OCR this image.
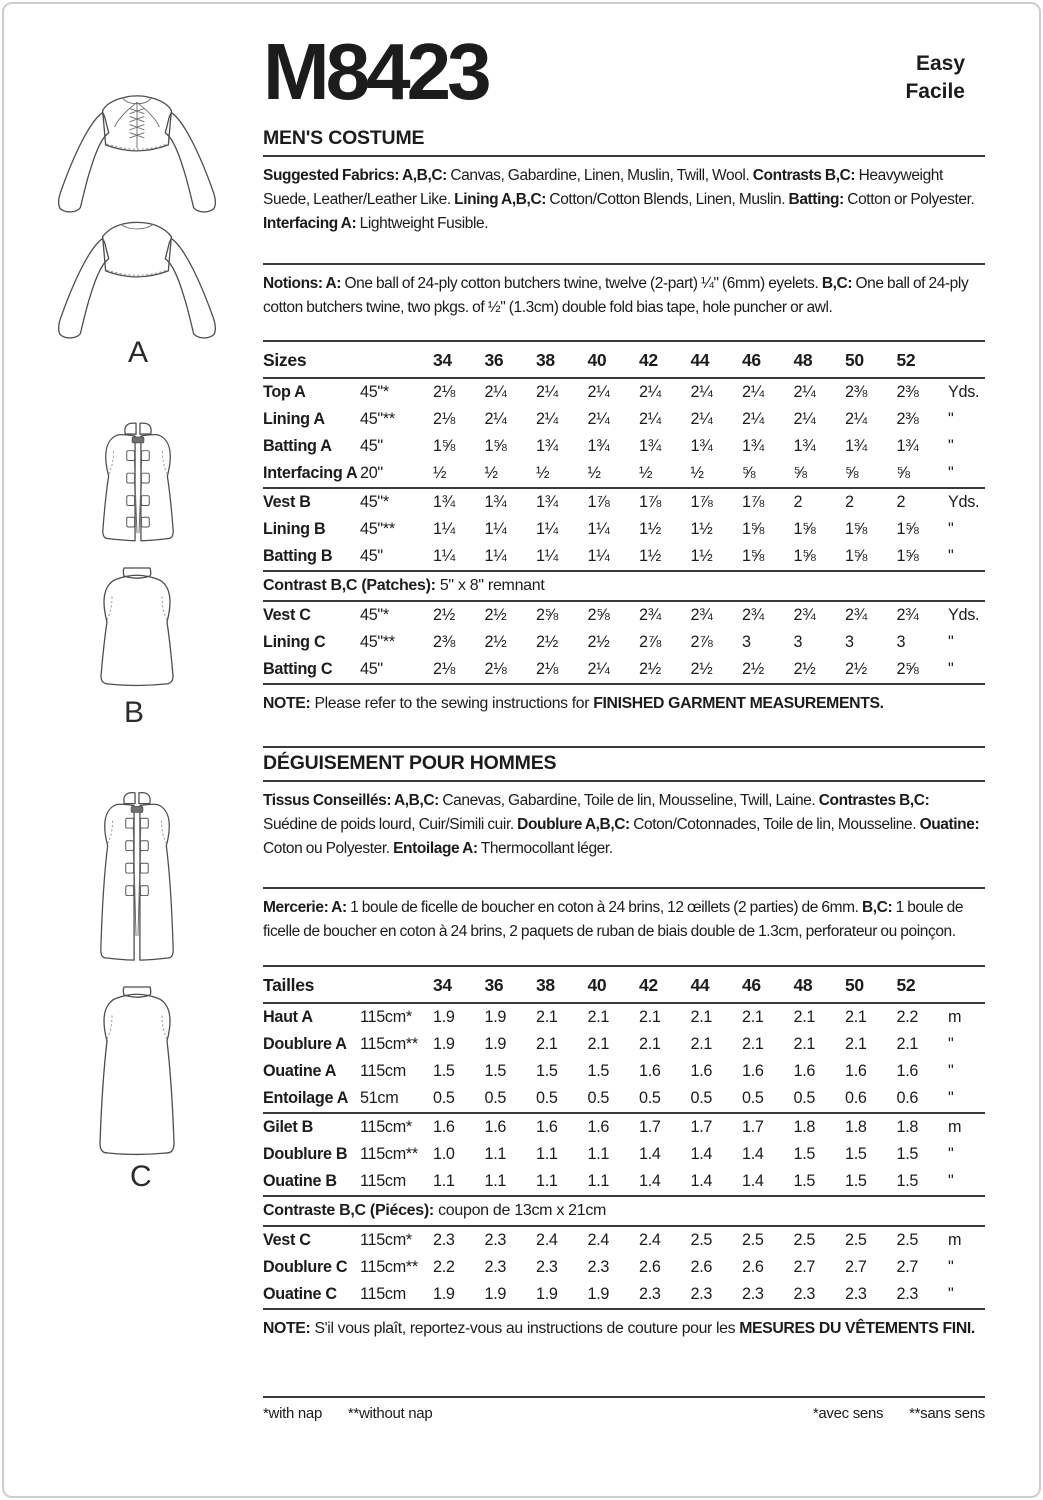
A
B
C
Easy
Facile
M8423
MEN'S COSTUME

Suggested Fabrics: A,B,C: Canvas, Gabardine, Linen, Muslin, Twill, Wool. Contrasts B,C: Heavyweight Suede, Leather/Leather Like. Lining A,B,C: Cotton/Cotton Blends, Linen, Muslin. Batting: Cotton or Polyester. Interfacing A: Lightweight Fusible.

Notions: A: One ball of 24-ply cotton butchers twine, twelve (2-part) ¼" (6mm) eyelets. B,C: One ball of 24-ply cotton butchers twine, two pkgs. of ½" (1.3cm) double fold bias tape, hole puncher or awl.

Sizes	34	36	38	40	42	44	46	48	50	52
Top A	45"*	2⅛	2¼	2¼	2¼	2¼	2¼	2¼	2¼	2⅜	2⅜	Yds.
Lining A	45"**	2⅛	2¼	2¼	2¼	2¼	2¼	2¼	2¼	2¼	2⅜	"
Batting A	45"	1⅝	1⅝	1¾	1¾	1¾	1¾	1¾	1¾	1¾	1¾	"
Interfacing A 20"	½	½	½	½	½	½	⅝	⅝	⅝	⅝	"
Vest B	45"*	1¾	1¾	1¾	1⅞	1⅞	1⅞	1⅞	2	2	2	Yds.
Lining B	45"**	1¼	1¼	1¼	1¼	1½	1½	1⅝	1⅝	1⅝	1⅝	"
Batting B	45"	1¼	1¼	1¼	1¼	1½	1½	1⅝	1⅝	1⅝	1⅝	"
Contrast B,C (Patches): 5" x 8" remnant
Vest C	45"*	2½	2½	2⅝	2⅝	2¾	2¾	2¾	2¾	2¾	2¾	Yds.
Lining C	45"**	2⅜	2½	2½	2½	2⅞	2⅞	3	3	3	3	"
Batting C	45"	2⅛	2⅛	2⅛	2¼	2½	2½	2½	2½	2½	2⅝	"

NOTE: Please refer to the sewing instructions for FINISHED GARMENT MEASUREMENTS.

DÉGUISEMENT POUR HOMMES

Tissus Conseillés: A,B,C: Canevas, Gabardine, Toile de lin, Mousseline, Twill, Laine. Contrastes B,C: Suédine de poids lourd, Cuir/Simili cuir. Doublure A,B,C: Coton/Cotonnades, Toile de lin, Mousseline. Ouatine: Coton ou Polyester. Entoilage A: Thermocollant léger.

Mercerie: A: 1 boule de ficelle de boucher en coton à 24 brins, 12 œillets (2 parties) de 6mm. B,C: 1 boule de ficelle de boucher en coton à 24 brins, 2 paquets de ruban de biais double de 1.3cm, perforateur ou poinçon.

Tailles	34	36	38	40	42	44	46	48	50	52
Haut A	115cm*	1.9	1.9	2.1	2.1	2.1	2.1	2.1	2.1	2.1	2.2	m
Doublure A 115cm** 1.9	1.9	2.1	2.1	2.1	2.1	2.1	2.1	2.1	2.1	"
Ouatine A	115cm	1.5	1.5	1.5	1.5	1.6	1.6	1.6	1.6	1.6	1.6	"
Entoilage A 51cm	0.5	0.5	0.5	0.5	0.5	0.5	0.5	0.5	0.6	0.6	"
Gilet B	115cm*	1.6	1.6	1.6	1.6	1.7	1.7	1.7	1.8	1.8	1.8	m
Doublure B 115cm** 1.0	1.1	1.1	1.1	1.4	1.4	1.4	1.5	1.5	1.5	"
Ouatine B	115cm	1.1	1.1	1.1	1.1	1.4	1.4	1.4	1.5	1.5	1.5	"
Contraste B,C (Piéces): coupon de 13cm x 21cm
Vest C	115cm*	2.3	2.3	2.4	2.4	2.4	2.5	2.5	2.5	2.5	2.5	m
Doublure C 115cm** 2.2	2.3	2.3	2.3	2.6	2.6	2.6	2.7	2.7	2.7	"
Ouatine C	115cm	1.9	1.9	1.9	1.9	2.3	2.3	2.3	2.3	2.3	2.3	"

NOTE: S'il vous plaît, reportez-vous au instructions de couture pour les MESURES DU VÊTEMENTS FINI.

*with nap **without nap	*avec sens **sans sens
